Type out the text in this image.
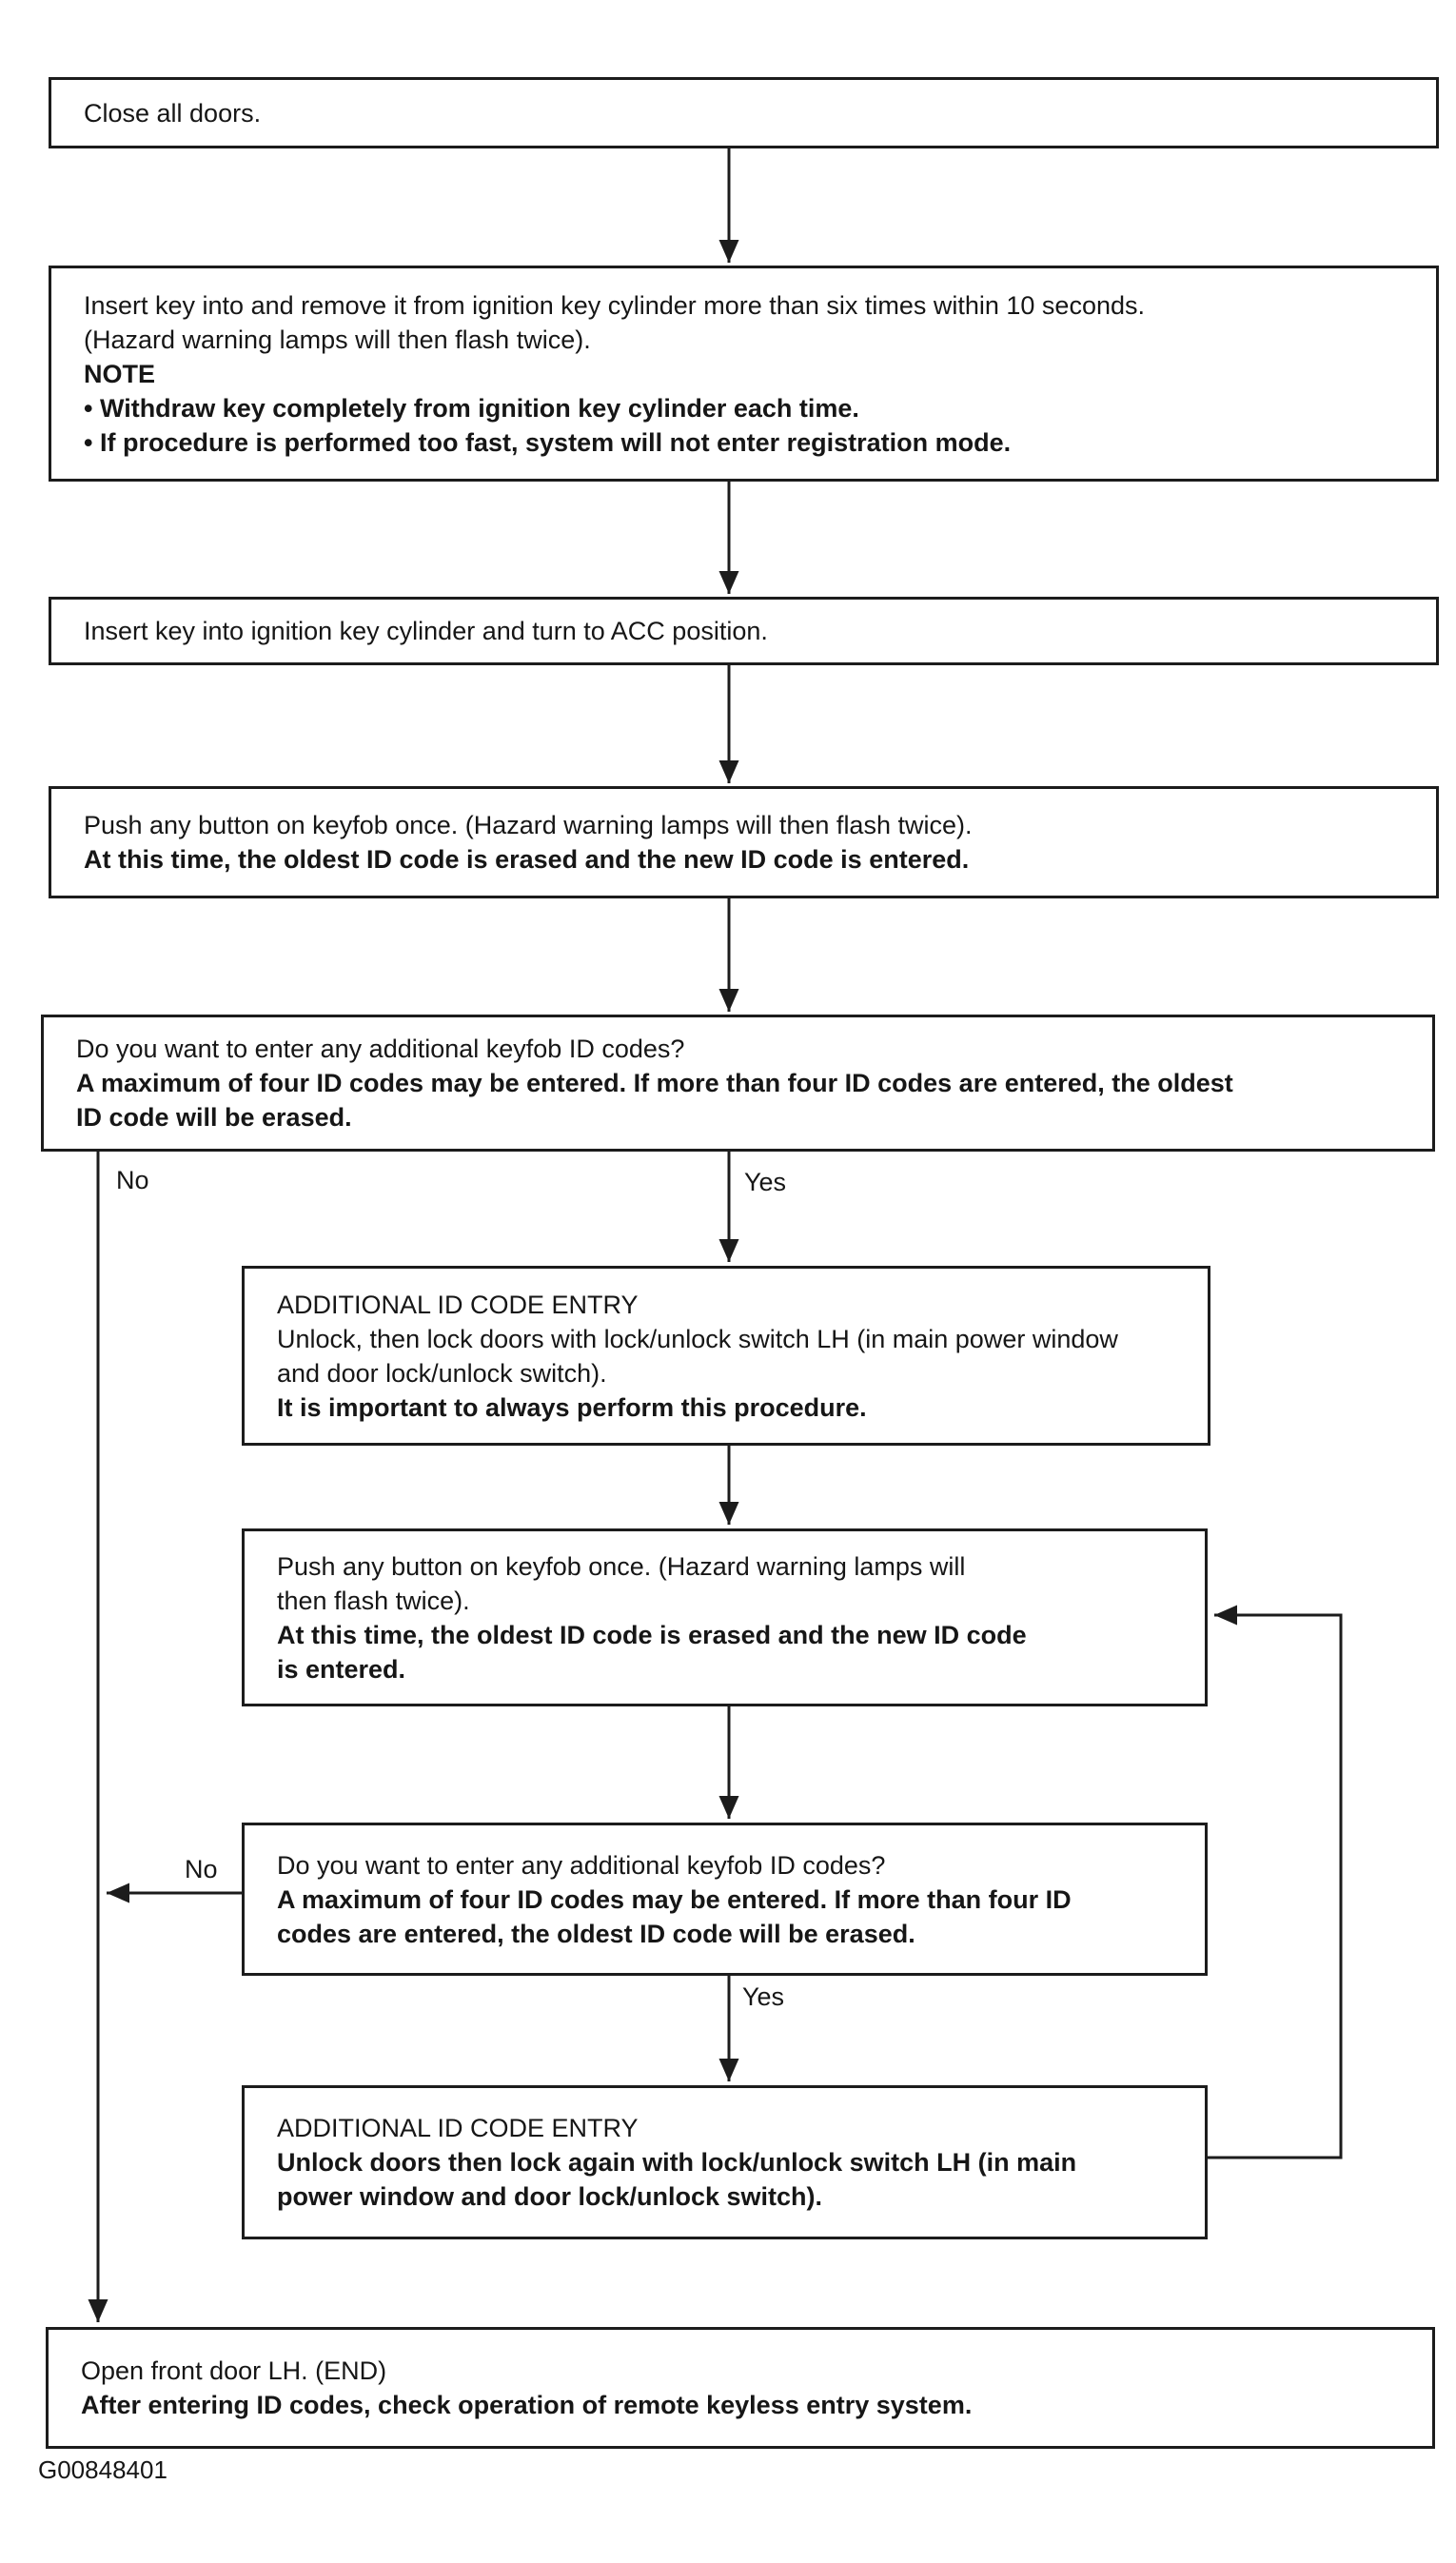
Close all doors.
Insert key into and remove it from ignition key cylinder more than six times within 10 seconds.
(Hazard warning lamps will then flash twice).
NOTE
• Withdraw key completely from ignition key cylinder each time.
• If procedure is performed too fast, system will not enter registration mode.
Insert key into ignition key cylinder and turn to ACC position.
Push any button on keyfob once. (Hazard warning lamps will then flash twice).
At this time, the oldest ID code is erased and the new ID code is entered.
Do you want to enter any additional keyfob ID codes?
A maximum of four ID codes may be entered. If more than four ID codes are entered, the oldest
ID code will be erased.
ADDITIONAL ID CODE ENTRY
Unlock, then lock doors with lock/unlock switch LH (in main power window
and door lock/unlock switch).
It is important to always perform this procedure.
Push any button on keyfob once. (Hazard warning lamps will
then flash twice).
At this time, the oldest ID code is erased and the new ID code
is entered.
Do you want to enter any additional keyfob ID codes?
A maximum of four ID codes may be entered. If more than four ID
codes are entered, the oldest ID code will be erased.
ADDITIONAL ID CODE ENTRY
Unlock doors then lock again with lock/unlock switch LH (in main
power window and door lock/unlock switch).
Open front door LH. (END)
After entering ID codes, check operation of remote keyless entry system.
No	Yes
No
Yes
G00848401
